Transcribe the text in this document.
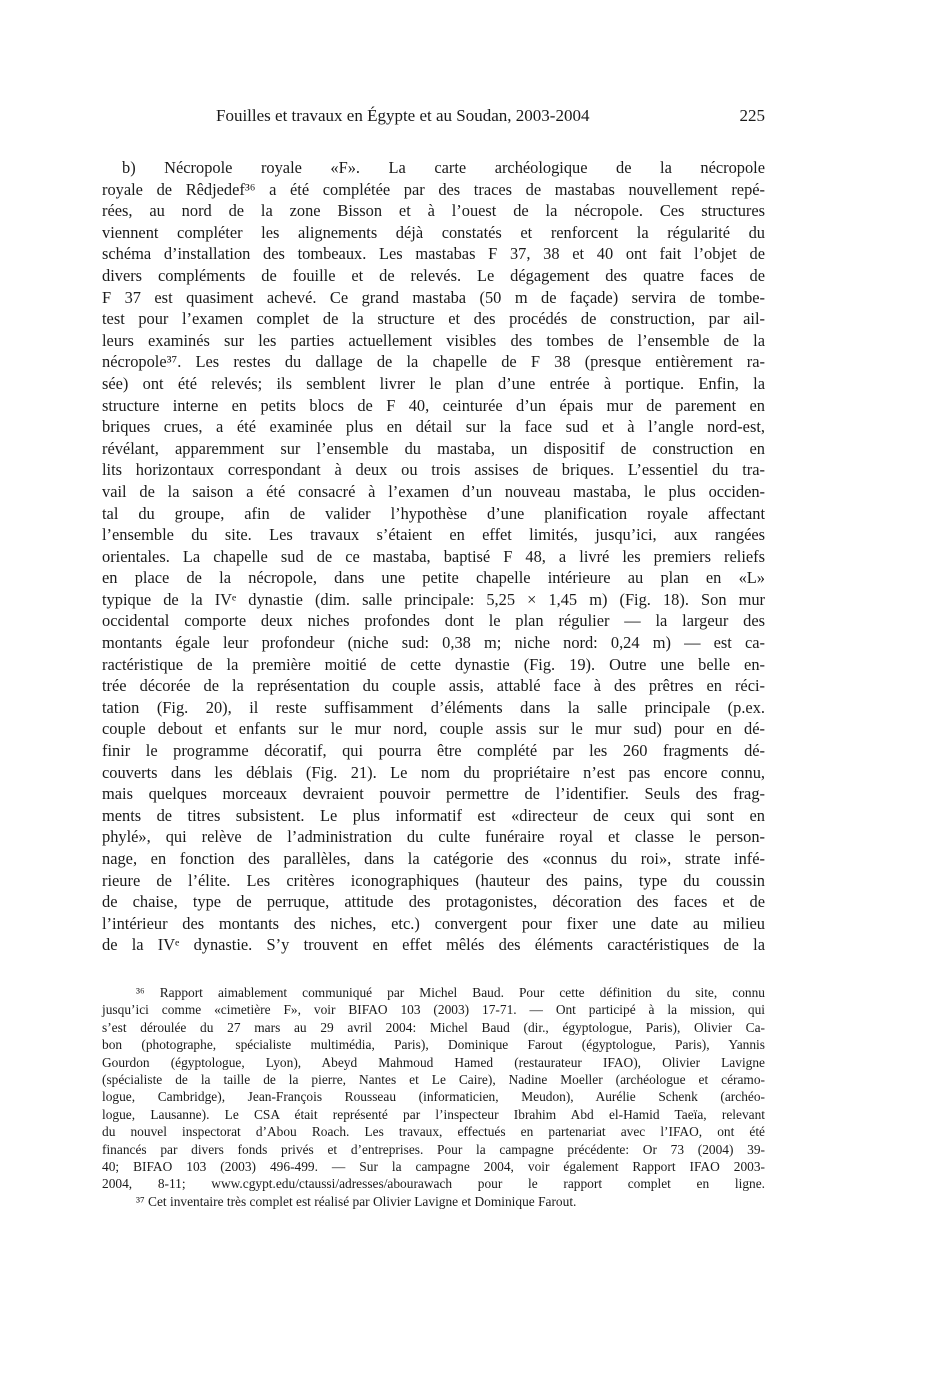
Fouilles et travaux en Égypte et au Soudan, 2003-2004	225
b) Nécropole royale «F». La carte archéologique de la nécropole
royale de Rêdjedef³⁶ a été complétée par des traces de mastabas nouvellement repé-
rées, au nord de la zone Bisson et à l’ouest de la nécropole. Ces structures
viennent compléter les alignements déjà constatés et renforcent la régularité du
schéma d’installation des tombeaux. Les mastabas F 37, 38 et 40 ont fait l’objet de
divers compléments de fouille et de relevés. Le dégagement des quatre faces de
F 37 est quasiment achevé. Ce grand mastaba (50 m de façade) servira de tombe-
test pour l’examen complet de la structure et des procédés de construction, par ail-
leurs examinés sur les parties actuellement visibles des tombes de l’ensemble de la
nécropole³⁷. Les restes du dallage de la chapelle de F 38 (presque entièrement ra-
sée) ont été relevés; ils semblent livrer le plan d’une entrée à portique. Enfin, la
structure interne en petits blocs de F 40, ceinturée d’un épais mur de parement en
briques crues, a été examinée plus en détail sur la face sud et à l’angle nord-est,
révélant, apparemment sur l’ensemble du mastaba, un dispositif de construction en
lits horizontaux correspondant à deux ou trois assises de briques. L’essentiel du tra-
vail de la saison a été consacré à l’examen d’un nouveau mastaba, le plus occiden-
tal du groupe, afin de valider l’hypothèse d’une planification royale affectant
l’ensemble du site. Les travaux s’étaient en effet limités, jusqu’ici, aux rangées
orientales. La chapelle sud de ce mastaba, baptisé F 48, a livré les premiers reliefs
en place de la nécropole, dans une petite chapelle intérieure au plan en «L»
typique de la IVᵉ dynastie (dim. salle principale: 5,25 × 1,45 m) (Fig. 18). Son mur
occidental comporte deux niches profondes dont le plan régulier — la largeur des
montants égale leur profondeur (niche sud: 0,38 m; niche nord: 0,24 m) — est ca-
ractéristique de la première moitié de cette dynastie (Fig. 19). Outre une belle en-
trée décorée de la représentation du couple assis, attablé face à des prêtres en réci-
tation (Fig. 20), il reste suffisamment d’éléments dans la salle principale (p.ex.
couple debout et enfants sur le mur nord, couple assis sur le mur sud) pour en dé-
finir le programme décoratif, qui pourra être complété par les 260 fragments dé-
couverts dans les déblais (Fig. 21). Le nom du propriétaire n’est pas encore connu,
mais quelques morceaux devraient pouvoir permettre de l’identifier. Seuls des frag-
ments de titres subsistent. Le plus informatif est «directeur de ceux qui sont en
phylé», qui relève de l’administration du culte funéraire royal et classe le person-
nage, en fonction des parallèles, dans la catégorie des «connus du roi», strate infé-
rieure de l’élite. Les critères iconographiques (hauteur des pains, type du coussin
de chaise, type de perruque, attitude des protagonistes, décoration des faces et de
l’intérieur des montants des niches, etc.) convergent pour fixer une date au milieu
de la IVᵉ dynastie. S’y trouvent en effet mêlés des éléments caractéristiques de la
³⁶ Rapport aimablement communiqué par Michel Baud. Pour cette définition du site, connu
jusqu’ici comme «cimetière F», voir BIFAO 103 (2003) 17-71. — Ont participé à la mission, qui
s’est déroulée du 27 mars au 29 avril 2004: Michel Baud (dir., égyptologue, Paris), Olivier Ca-
bon (photographe, spécialiste multimédia, Paris), Dominique Farout (égyptologue, Paris), Yannis
Gourdon (égyptologue, Lyon), Abeyd Mahmoud Hamed (restaurateur IFAO), Olivier Lavigne
(spécialiste de la taille de la pierre, Nantes et Le Caire), Nadine Moeller (archéologue et céramo-
logue, Cambridge), Jean-François Rousseau (informaticien, Meudon), Aurélie Schenk (archéo-
logue, Lausanne). Le CSA était représenté par l’inspecteur Ibrahim Abd el-Hamid Taeïa, relevant
du nouvel inspectorat d’Abou Roach. Les travaux, effectués en partenariat avec l’IFAO, ont été
financés par divers fonds privés et d’entreprises. Pour la campagne précédente: Or 73 (2004) 39-
40; BIFAO 103 (2003) 496-499. — Sur la campagne 2004, voir également Rapport IFAO 2003-
2004, 8-11; www.cgypt.edu/ctaussi/adresses/abourawach pour le rapport complet en ligne.
³⁷ Cet inventaire très complet est réalisé par Olivier Lavigne et Dominique Farout.
